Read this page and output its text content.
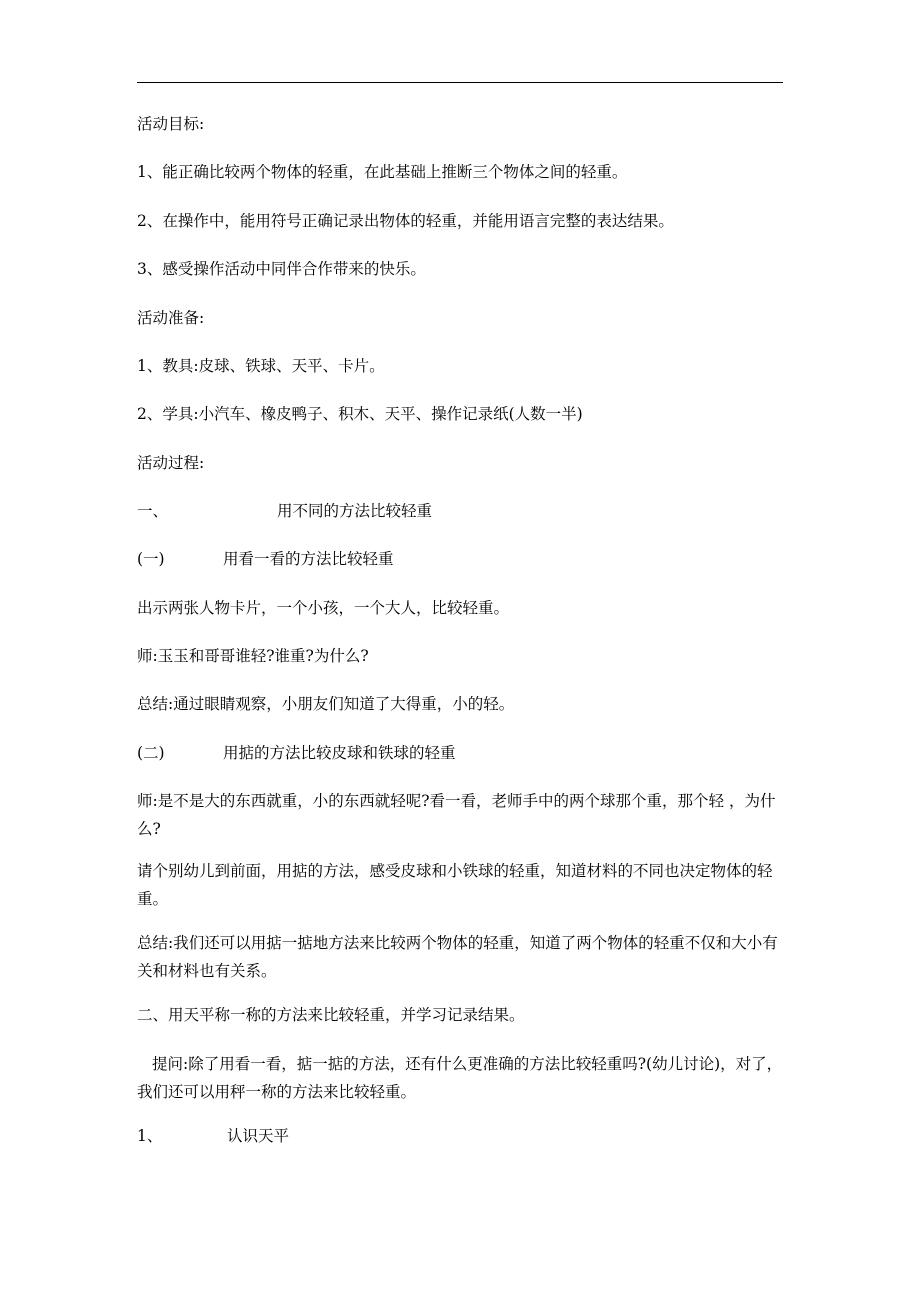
活动目标:

1、能正确比较两个物体的轻重，在此基础上推断三个物体之间的轻重。

2、在操作中，能用符号正确记录出物体的轻重，并能用语言完整的表达结果。

3、感受操作活动中同伴合作带来的快乐。

活动准备:

1、教具:皮球、铁球、天平、卡片。

2、学具:小汽车、橡皮鸭子、积木、天平、操作记录纸(人数一半)

活动过程:

一、	用不同的方法比较轻重
(一)	用看一看的方法比较轻重

出示两张人物卡片，一个小孩，一个大人，比较轻重。

师:玉玉和哥哥谁轻?谁重?为什么?

总结:通过眼睛观察，小朋友们知道了大得重，小的轻。

(二)	用掂的方法比较皮球和铁球的轻重

师:是不是大的东西就重，小的东西就轻呢?看一看，老师手中的两个球那个重，那个轻 ，为什么?

请个别幼儿到前面，用掂的方法，感受皮球和小铁球的轻重，知道材料的不同也决定物体的轻重。

总结:我们还可以用掂一掂地方法来比较两个物体的轻重，知道了两个物体的轻重不仅和大小有关和材料也有关系。

二、用天平称一称的方法来比较轻重，并学习记录结果。

提问:除了用看一看，掂一掂的方法，还有什么更准确的方法比较轻重吗?(幼儿讨论)，对了，我们还可以用秤一称的方法来比较轻重。

1、	认识天平
